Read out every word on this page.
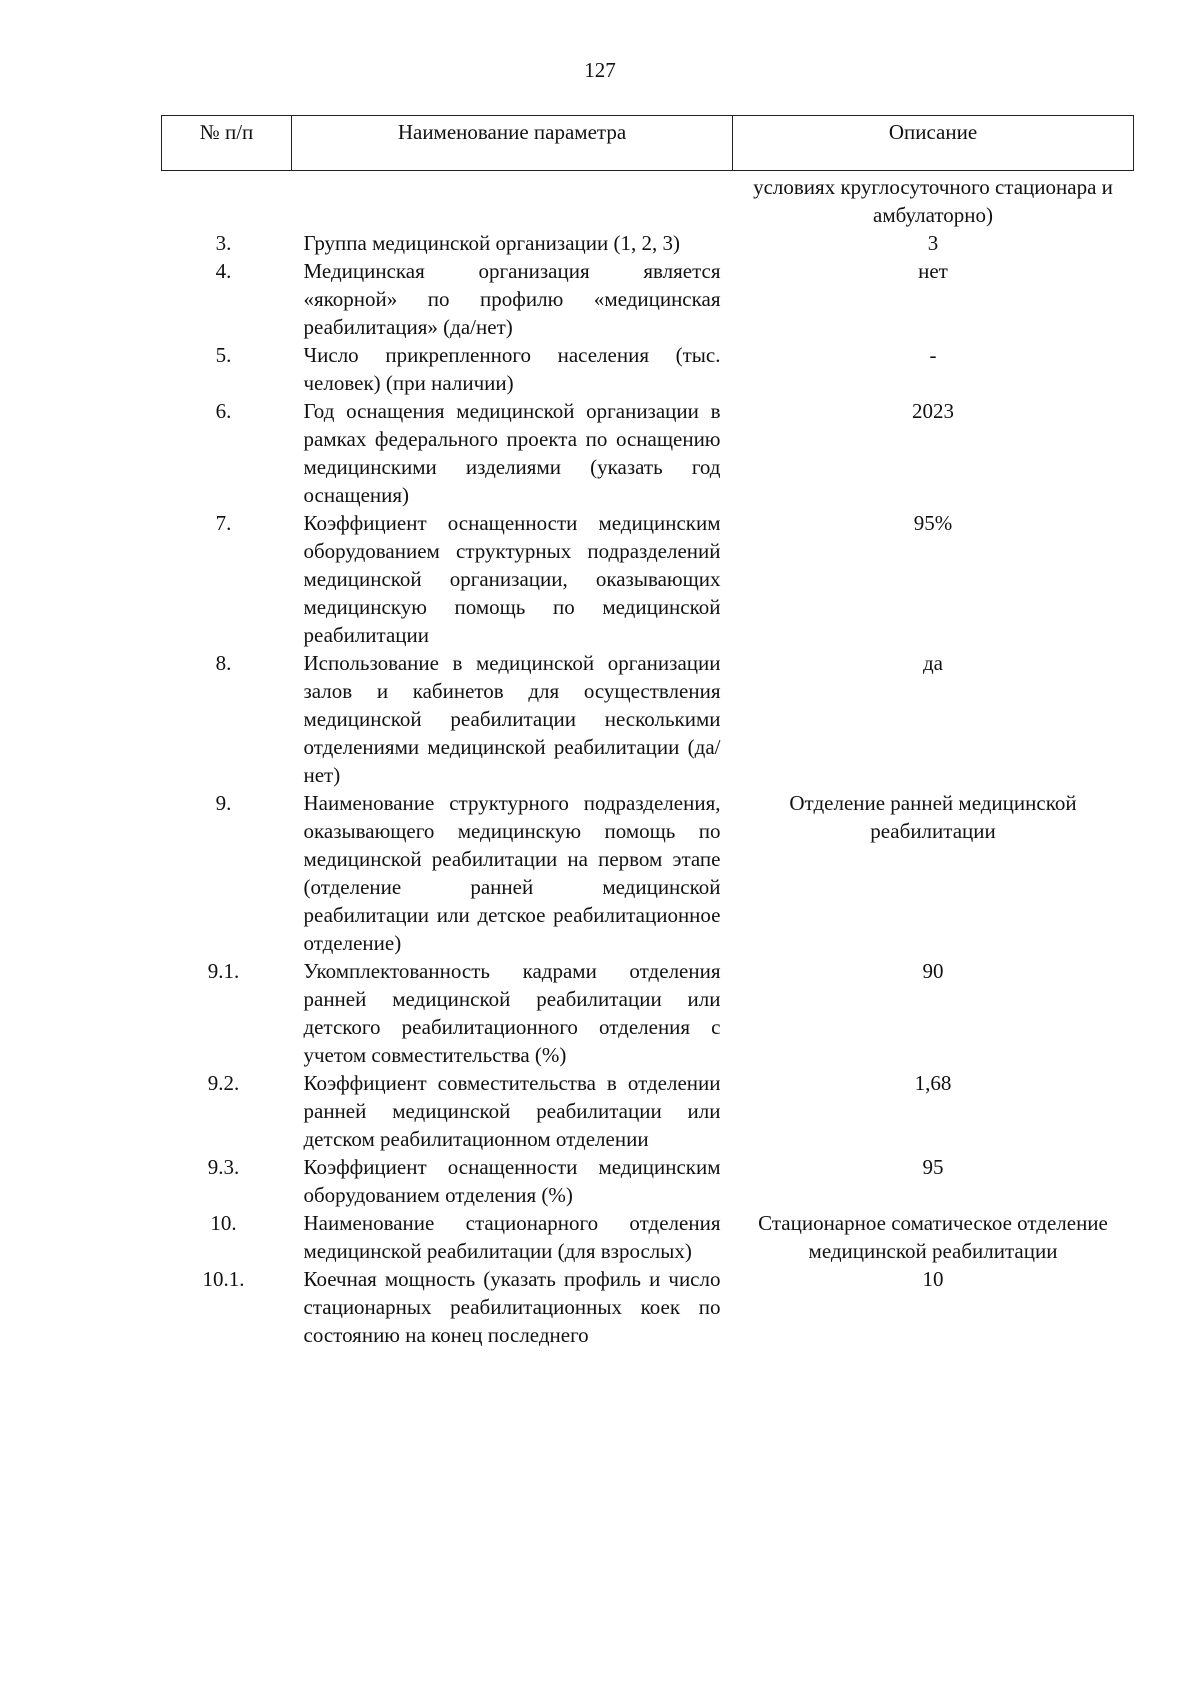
127
№ п/п	Наименование параметра	Описание
		условиях круглосуточного стационара и амбулаторно)
3.	Группа медицинской организации (1, 2, 3)	3
4.	Медицинская организация является «якорной» по профилю «медицинская реабилитация» (да/нет)	нет
5.	Число прикрепленного населения (тыс. человек) (при наличии)	-
6.	Год оснащения медицинской организации в рамках федерального проекта по оснащению медицинскими изделиями (указать год оснащения)	2023
7.	Коэффициент оснащенности медицинским оборудованием структурных подразделений медицинской организации, оказывающих медицинскую помощь по медицинской реабилитации	95%
8.	Использование в медицинской организации залов и кабинетов для осуществления медицинской реабилитации несколькими отделениями медицинской реабилитации (да/нет)	да
9.	Наименование структурного подразделения, оказывающего медицинскую помощь по медицинской реабилитации на первом этапе (отделение ранней медицинской реабилитации или детское реабилитационное отделение)	Отделение ранней медицинской реабилитации
9.1.	Укомплектованность кадрами отделения ранней медицинской реабилитации или детского реабилитационного отделения с учетом совместительства (%)	90
9.2.	Коэффициент совместительства в отделении ранней медицинской реабилитации или детском реабилитационном отделении	1,68
9.3.	Коэффициент оснащенности медицинским оборудованием отделения (%)	95
10.	Наименование стационарного отделения медицинской реабилитации (для взрослых)	Стационарное соматическое отделение медицинской реабилитации
10.1.	Коечная мощность (указать профиль и число стационарных реабилитационных коек по состоянию на конец последнего	10
